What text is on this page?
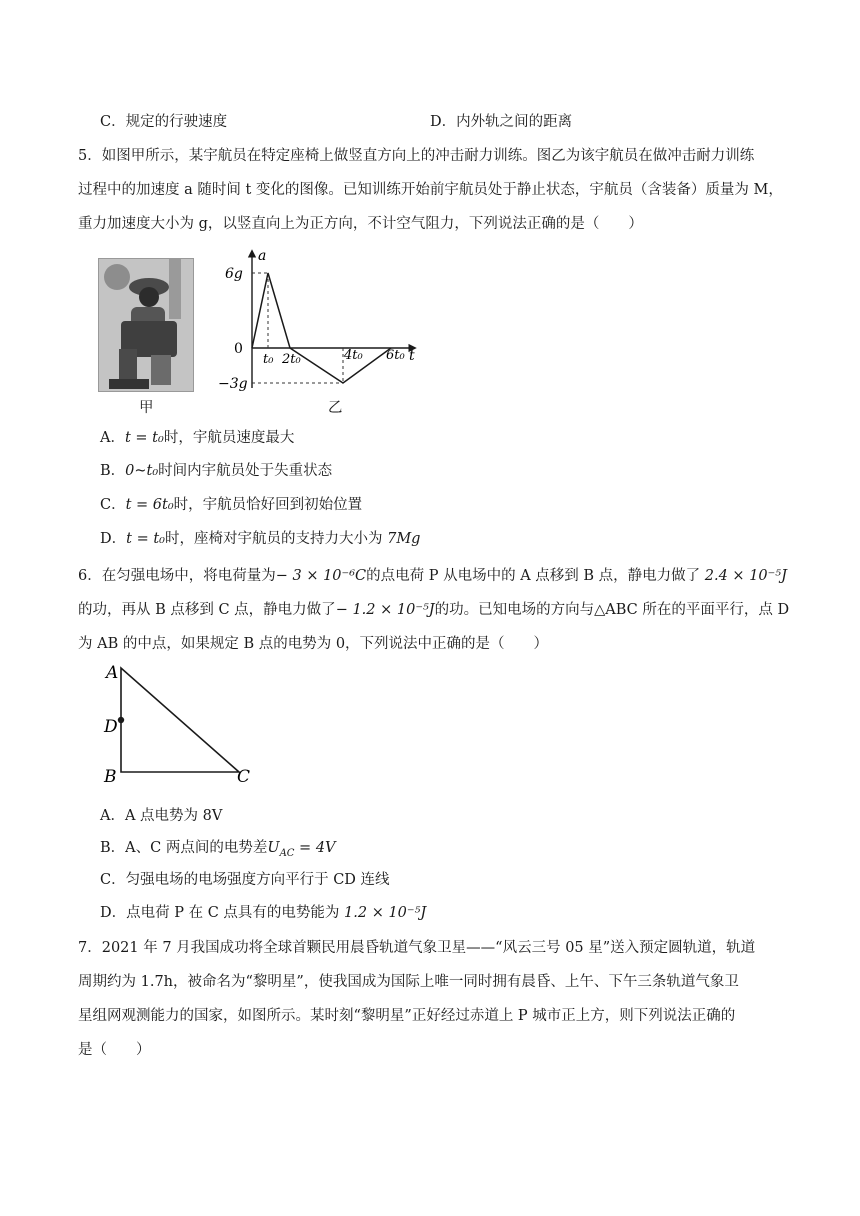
C．规定的行驶速度	D．内外轨之间的距离
5．如图甲所示，某宇航员在特定座椅上做竖直方向上的冲击耐力训练。图乙为该宇航员在做冲击耐力训练
过程中的加速度 a 随时间 t 变化的图像。已知训练开始前宇航员处于静止状态，宇航员（含装备）质量为 M，
重力加速度大小为 g，以竖直向上为正方向，不计空气阻力，下列说法正确的是（　　）
甲
a
t
0
6g
−3g
t₀ 2t₀	4t₀ 6t₀
乙
A．t = t₀时，宇航员速度最大
B．0~t₀时间内宇航员处于失重状态
C．t = 6t₀时，宇航员恰好回到初始位置
D．t = t₀时，座椅对宇航员的支持力大小为 7Mg
6．在匀强电场中，将电荷量为− 3 × 10⁻⁶C的点电荷 P 从电场中的 A 点移到 B 点，静电力做了 2.4 × 10⁻⁵J
的功，再从 B 点移到 C 点，静电力做了− 1.2 × 10⁻⁵J的功。已知电场的方向与△ABC 所在的平面平行，点 D
为 AB 的中点，如果规定 B 点的电势为 0，下列说法中正确的是（　　）
A
D
B	C
A．A 点电势为 8V
B．A、C 两点间的电势差$U_{AC} = 4V$
C．匀强电场的电场强度方向平行于 CD 连线
D．点电荷 P 在 C 点具有的电势能为 1.2 × 10⁻⁵J
7．2021 年 7 月我国成功将全球首颗民用晨昏轨道气象卫星——“风云三号 05 星”送入预定圆轨道，轨道
周期约为 1.7h，被命名为“黎明星”，使我国成为国际上唯一同时拥有晨昏、上午、下午三条轨道气象卫
星组网观测能力的国家，如图所示。某时刻“黎明星”正好经过赤道上 P 城市正上方，则下列说法正确的
是（　　）
